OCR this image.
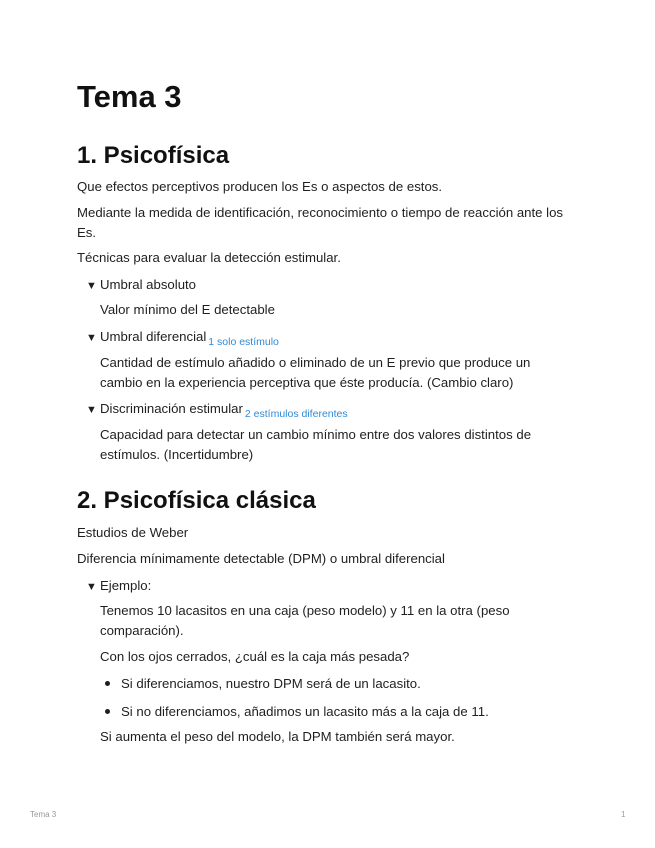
Tema 3
1. Psicofísica

Que efectos perceptivos producen los Es o aspectos de estos.

Mediante la medida de identificación, reconocimiento o tiempo de reacción ante los Es.

Técnicas para evaluar la detección estimular.

▼ Umbral absoluto

Valor mínimo del E detectable

▼ Umbral diferencial $_{1 solo estímulo}$

Cantidad de estímulo añadido o eliminado de un E previo que produce un cambio en la experiencia perceptiva que éste producía. (Cambio claro)

▼ Discriminación estimular $_{2 estímulos diferentes}$

Capacidad para detectar un cambio mínimo entre dos valores distintos de estímulos. (Incertidumbre)

2. Psicofísica clásica

Estudios de Weber

Diferencia mínimamente detectable (DPM) o umbral diferencial

▼ Ejemplo:

Tenemos 10 lacasitos en una caja (peso modelo) y 11 en la otra (peso comparación).

Con los ojos cerrados, ¿cuál es la caja más pesada?

Si diferenciamos, nuestro DPM será de un lacasito.
Si no diferenciamos, añadimos un lacasito más a la caja de 11.

Si aumenta el peso del modelo, la DPM también será mayor.

Tema 3	1
